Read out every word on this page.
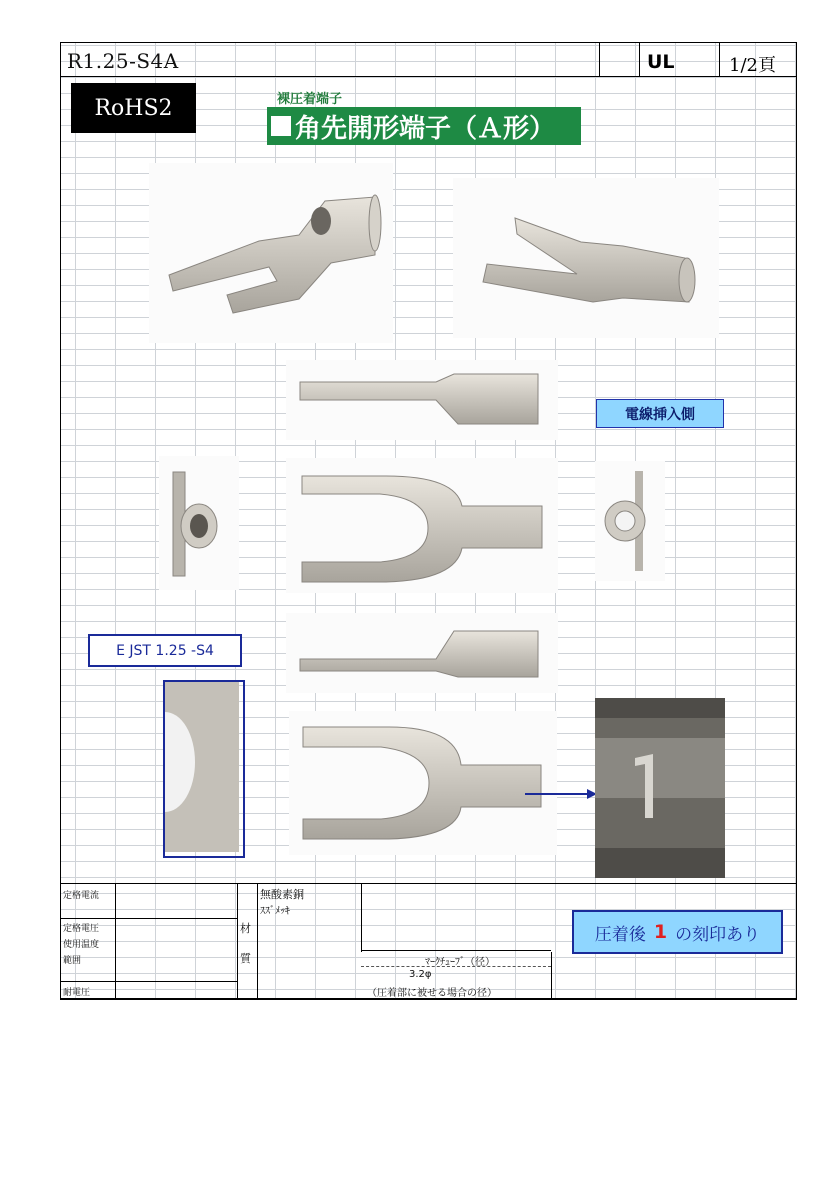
R1.25-S4A	UL	1/2頁
RoHS2	裸圧着端子
角先開形端子（Ａ形）
電線挿入側
E JST 1.25 -S4
圧着後 1 の刻印あり
定格電流
定格電圧
使用温度
範囲
耐電圧
材
質
無酸素銅
ｽｽﾞﾒｯｷ
ﾏｰｸﾁｭｰﾌﾞ（径）
3.2φ
（圧着部に被せる場合の径）
